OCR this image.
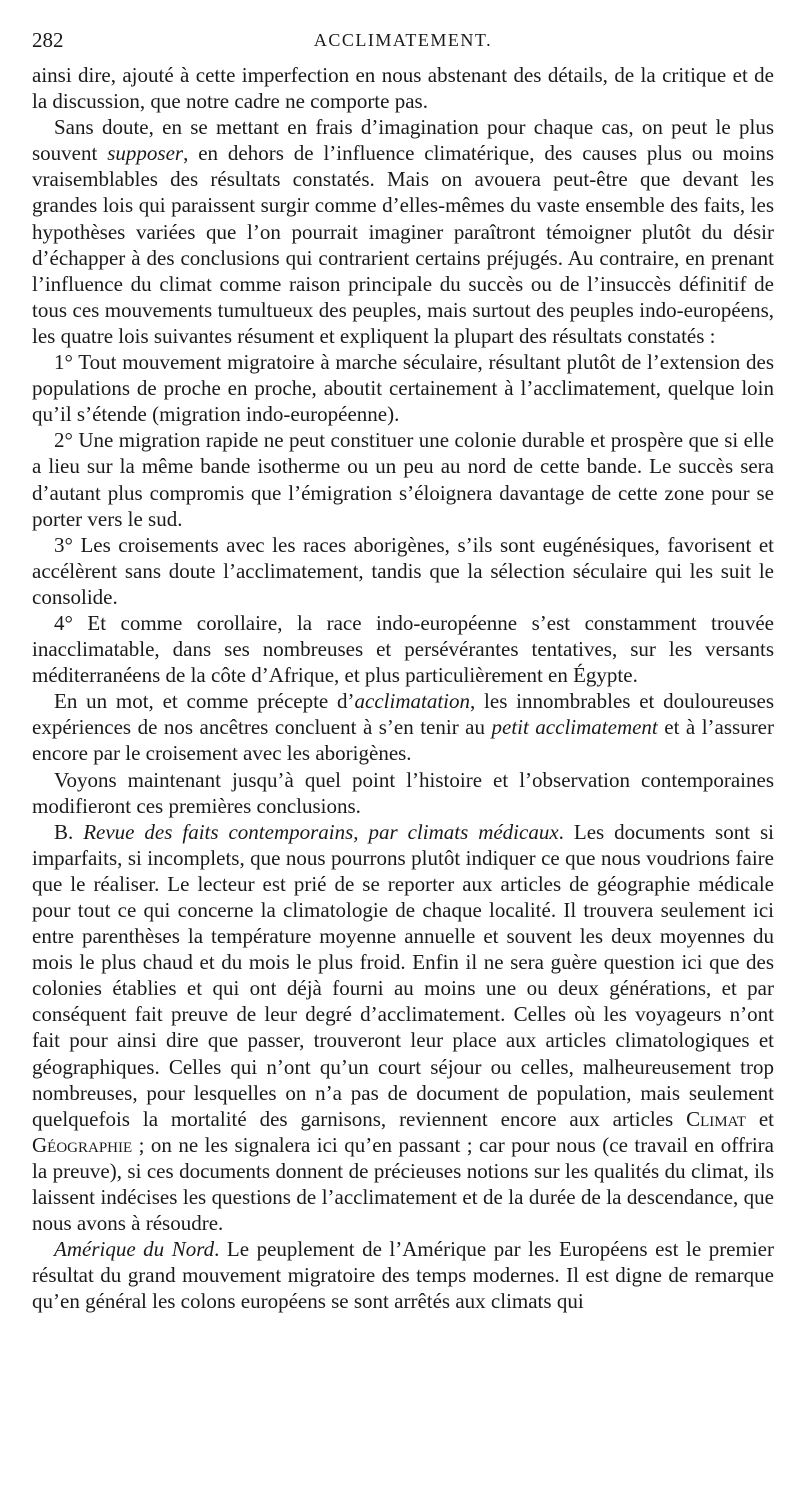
282	ACCLIMATEMENT.

ainsi dire, ajouté à cette imperfection en nous abstenant des détails, de la critique et de la discussion, que notre cadre ne comporte pas.

Sans doute, en se mettant en frais d’imagination pour chaque cas, on peut le plus souvent supposer, en dehors de l’influence climatérique, des causes plus ou moins vraisemblables des résultats constatés. Mais on avouera peut-être que devant les grandes lois qui paraissent surgir comme d’elles-mêmes du vaste ensemble des faits, les hypothèses variées que l’on pourrait imaginer paraîtront témoigner plutôt du désir d’échapper à des conclusions qui contrarient certains préjugés. Au contraire, en prenant l’influence du climat comme raison principale du succès ou de l’insuccès définitif de tous ces mouvements tumultueux des peuples, mais surtout des peuples indo-européens, les quatre lois suivantes résument et expliquent la plupart des résultats constatés :

1° Tout mouvement migratoire à marche séculaire, résultant plutôt de l’extension des populations de proche en proche, aboutit certainement à l’acclimatement, quelque loin qu’il s’étende (migration indo-européenne).

2° Une migration rapide ne peut constituer une colonie durable et prospère que si elle a lieu sur la même bande isotherme ou un peu au nord de cette bande. Le succès sera d’autant plus compromis que l’émigration s’éloignera davantage de cette zone pour se porter vers le sud.

3° Les croisements avec les races aborigènes, s’ils sont eugénésiques, favorisent et accélèrent sans doute l’acclimatement, tandis que la sélection séculaire qui les suit le consolide.

4° Et comme corollaire, la race indo-européenne s’est constamment trouvée inacclimatable, dans ses nombreuses et persévérantes tentatives, sur les versants méditerranéens de la côte d’Afrique, et plus particulièrement en Égypte.

En un mot, et comme précepte d’acclimatation, les innombrables et douloureuses expériences de nos ancêtres concluent à s’en tenir au petit acclimatement et à l’assurer encore par le croisement avec les aborigènes.

Voyons maintenant jusqu’à quel point l’histoire et l’observation contemporaines modifieront ces premières conclusions.

B. Revue des faits contemporains, par climats médicaux. Les documents sont si imparfaits, si incomplets, que nous pourrons plutôt indiquer ce que nous voudrions faire que le réaliser. Le lecteur est prié de se reporter aux articles de géographie médicale pour tout ce qui concerne la climatologie de chaque localité. Il trouvera seulement ici entre parenthèses la température moyenne annuelle et souvent les deux moyennes du mois le plus chaud et du mois le plus froid. Enfin il ne sera guère question ici que des colonies établies et qui ont déjà fourni au moins une ou deux générations, et par conséquent fait preuve de leur degré d’acclimatement. Celles où les voyageurs n’ont fait pour ainsi dire que passer, trouveront leur place aux articles climatologiques et géographiques. Celles qui n’ont qu’un court séjour ou celles, malheureusement trop nombreuses, pour lesquelles on n’a pas de document de population, mais seulement quelquefois la mortalité des garnisons, reviennent encore aux articles Climat et Géographie ; on ne les signalera ici qu’en passant ; car pour nous (ce travail en offrira la preuve), si ces documents donnent de précieuses notions sur les qualités du climat, ils laissent indécises les questions de l’acclimatement et de la durée de la descendance, que nous avons à résoudre.

Amérique du Nord. Le peuplement de l’Amérique par les Européens est le premier résultat du grand mouvement migratoire des temps modernes. Il est digne de remarque qu’en général les colons européens se sont arrêtés aux climats qui
